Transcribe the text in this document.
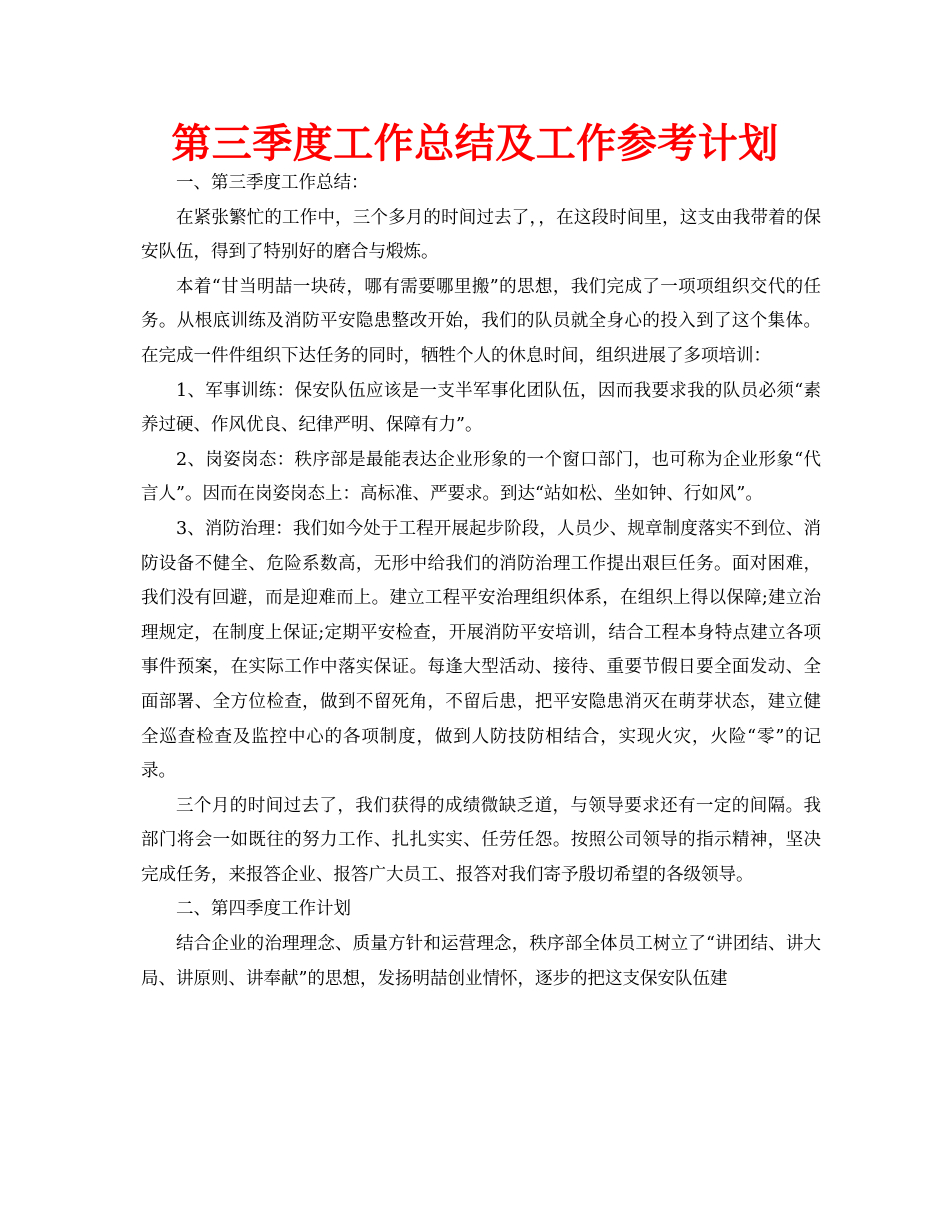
第三季度工作总结及工作参考计划

一、第三季度工作总结：

在紧张繁忙的工作中，三个多月的时间过去了，，在这段时间里，这支由我带着的保安队伍，得到了特别好的磨合与煅炼。

本着“甘当明喆一块砖，哪有需要哪里搬”的思想，我们完成了一项项组织交代的任务。从根底训练及消防平安隐患整改开始，我们的队员就全身心的投入到了这个集体。在完成一件件组织下达任务的同时，牺牲个人的休息时间，组织进展了多项培训：

1、军事训练：保安队伍应该是一支半军事化团队伍，因而我要求我的队员必须“素养过硬、作风优良、纪律严明、保障有力”。

2、岗姿岗态：秩序部是最能表达企业形象的一个窗口部门，也可称为企业形象“代言人”。因而在岗姿岗态上：高标准、严要求。到达“站如松、坐如钟、行如风”。

3、消防治理：我们如今处于工程开展起步阶段，人员少、规章制度落实不到位、消防设备不健全、危险系数高，无形中给我们的消防治理工作提出艰巨任务。面对困难，我们没有回避，而是迎难而上。建立工程平安治理组织体系，在组织上得以保障;建立治理规定，在制度上保证;定期平安检查，开展消防平安培训，结合工程本身特点建立各项事件预案，在实际工作中落实保证。每逢大型活动、接待、重要节假日要全面发动、全面部署、全方位检查，做到不留死角，不留后患，把平安隐患消灭在萌芽状态，建立健全巡查检查及监控中心的各项制度，做到人防技防相结合，实现火灾，火险“零”的记录。

三个月的时间过去了，我们获得的成绩微缺乏道，与领导要求还有一定的间隔。我部门将会一如既往的努力工作、扎扎实实、任劳任怨。按照公司领导的指示精神，坚决完成任务，来报答企业、报答广大员工、报答对我们寄予殷切希望的各级领导。

二、第四季度工作计划

结合企业的治理理念、质量方针和运营理念，秩序部全体员工树立了“讲团结、讲大局、讲原则、讲奉献”的思想，发扬明喆创业情怀，逐步的把这支保安队伍建
